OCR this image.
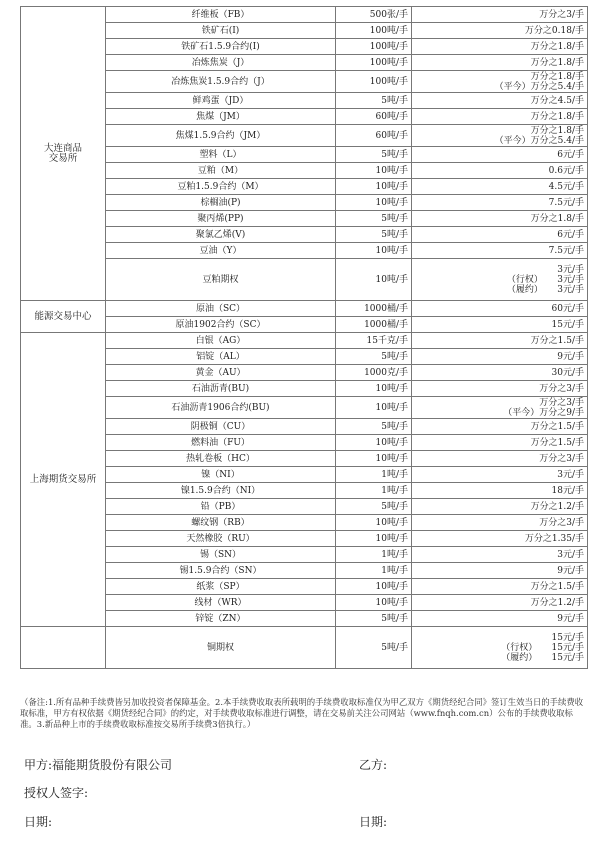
大连商品
交易所	纤维板（FB）	500张/手	万分之3/手
	铁矿石(I)	100吨/手	万分之0.18/手
	铁矿石1.5.9合约(I)	100吨/手	万分之1.8/手
	冶炼焦炭（J）	100吨/手	万分之1.8/手
	冶炼焦炭1.5.9合约（J）	100吨/手	万分之1.8/手
（平今）万分之5.4/手
	鲜鸡蛋（JD）	5吨/手	万分之4.5/手
	焦煤（JM）	60吨/手	万分之1.8/手
	焦煤1.5.9合约（JM）	60吨/手	万分之1.8/手
（平今）万分之5.4/手
	塑料（L）	5吨/手	6元/手
	豆粕（M）	10吨/手	0.6元/手
	豆粕1.5.9合约（M）	10吨/手	4.5元/手
	棕榈油(P)	10吨/手	7.5元/手
	聚丙烯(PP)	5吨/手	万分之1.8/手
	聚氯乙烯(V)	5吨/手	6元/手
	豆油（Y）	10吨/手	7.5元/手
	豆粕期权	10吨/手	3元/手
（行权）     3元/手
（履约）     3元/手
能源交易中心	原油（SC）	1000桶/手	60元/手
	原油1902合约（SC）	1000桶/手	15元/手
上海期货交易所	白银（AG）	15千克/手	万分之1.5/手
	铝锭（AL）	5吨/手	9元/手
	黄金（AU）	1000克/手	30元/手
	石油沥青(BU)	10吨/手	万分之3/手
	石油沥青1906合约(BU)	10吨/手	万分之3/手
（平今）万分之9/手
	阴极铜（CU）	5吨/手	万分之1.5/手
	燃料油（FU）	10吨/手	万分之1.5/手
	热轧卷板（HC）	10吨/手	万分之3/手
	镍（NI）	1吨/手	3元/手
	镍1.5.9合约（NI）	1吨/手	18元/手
	铅（PB）	5吨/手	万分之1.2/手
	螺纹钢（RB）	10吨/手	万分之3/手
	天然橡胶（RU）	10吨/手	万分之1.35/手
	锡（SN）	1吨/手	3元/手
	锡1.5.9合约（SN）	1吨/手	9元/手
	纸浆（SP）	10吨/手	万分之1.5/手
	线材（WR）	10吨/手	万分之1.2/手
	锌锭（ZN）	5吨/手	9元/手
	铜期权	5吨/手	15元/手
（行权）     15元/手
（履约）     15元/手
（备注:1.所有品种手续费皆另加收投资者保障基金。2.本手续费收取表所载明的手续费收取标准仅为甲乙双方《期货经纪合同》签订生效当日的手续费收取标准，甲方有权依据《期货经纪合同》的约定，对手续费收取标准进行调整，请在交易前关注公司网站（www.fnqh.com.cn）公布的手续费收取标准。3.新品种上市的手续费收取标准按交易所手续费3倍执行。）
甲方:福能期货股份有限公司	乙方:
授权人签字:
日期:	日期:
